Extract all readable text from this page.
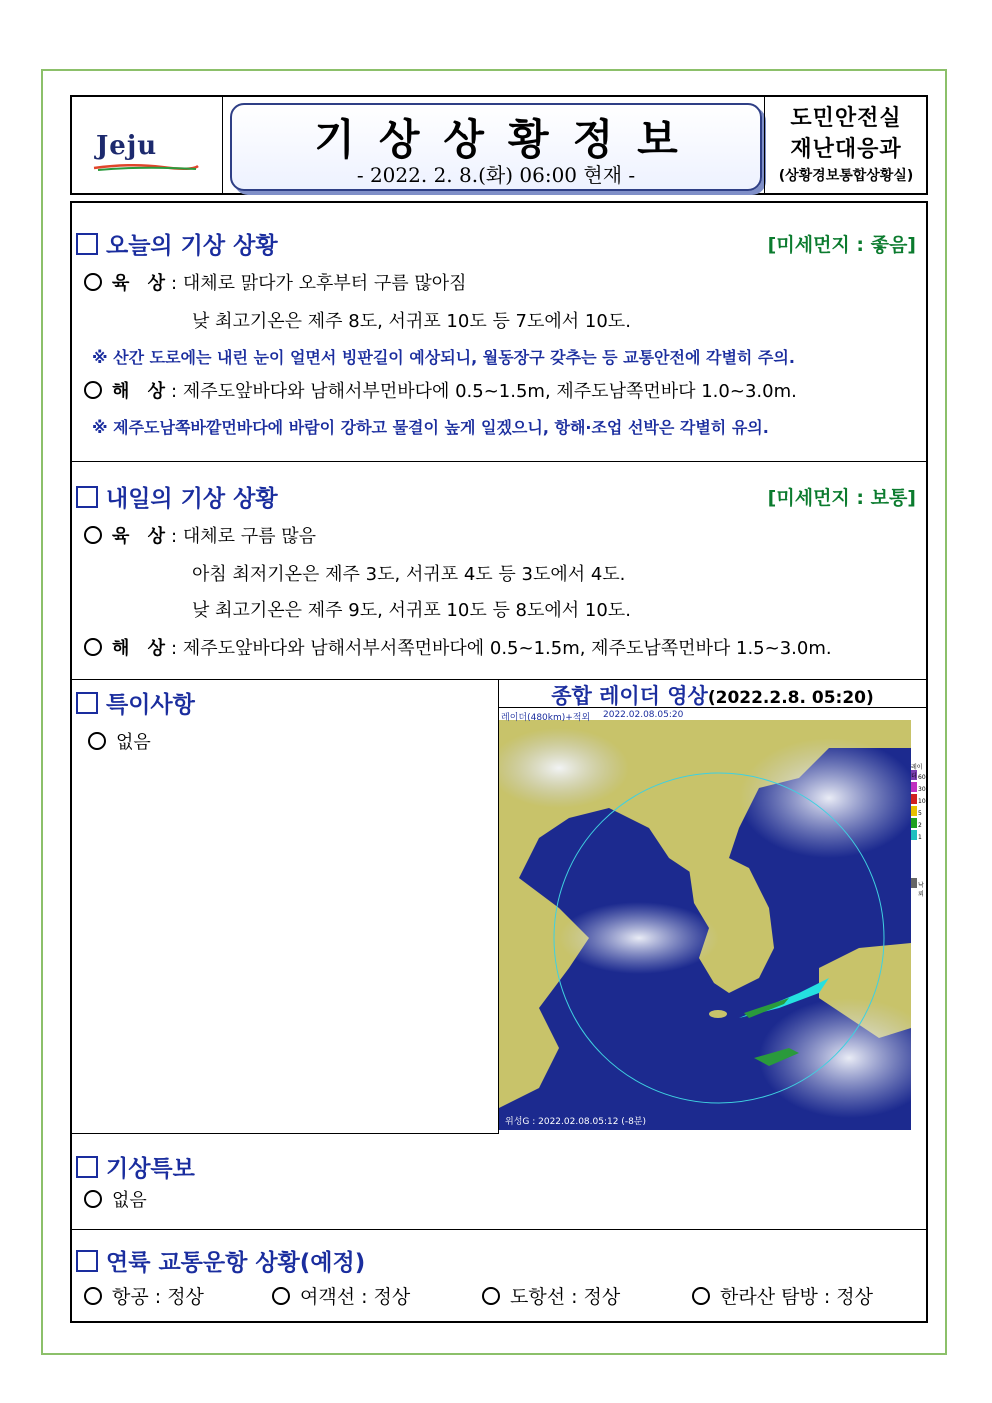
Jeju	기상상황정보
- 2022. 2. 8.(화) 06:00 현재 -
도민안전실
재난대응과
(상황경보통합상황실)
오늘의 기상 상황	[미세먼지 : 좋음]
육 상: 대체로 맑다가 오후부터 구름 많아짐
낮 최고기온은 제주 8도, 서귀포 10도 등 7도에서 10도.
※ 산간 도로에는 내린 눈이 얼면서 빙판길이 예상되니, 월동장구 갖추는 등 교통안전에 각별히 주의.
해 상: 제주도앞바다와 남해서부먼바다에 0.5~1.5m, 제주도남쪽먼바다 1.0~3.0m.
※ 제주도남쪽바깥먼바다에 바람이 강하고 물결이 높게 일겠으니, 항해·조업 선박은 각별히 유의.
내일의 기상 상황	[미세먼지 : 보통]
육 상: 대체로 구름 많음
아침 최저기온은 제주 3도, 서귀포 4도 등 3도에서 4도.
낮 최고기온은 제주 9도, 서귀포 10도 등 8도에서 10도.
해 상: 제주도앞바다와 남해서부서쪽먼바다에 0.5~1.5m, 제주도남쪽먼바다 1.5~3.0m.
특이사항
없음
종합 레이더 영상(2022.2.8. 05:20)
레이더(480km)+적외 2022.02.08.05:20
레이더 60
30
10
5
2
1
낙뢰
위성G : 2022.02.08.05:12 (-8분)
기상특보
없음
연륙 교통운항 상황(예정)
항공 : 정상	여객선 : 정상	도항선 : 정상	한라산 탐방 : 정상
